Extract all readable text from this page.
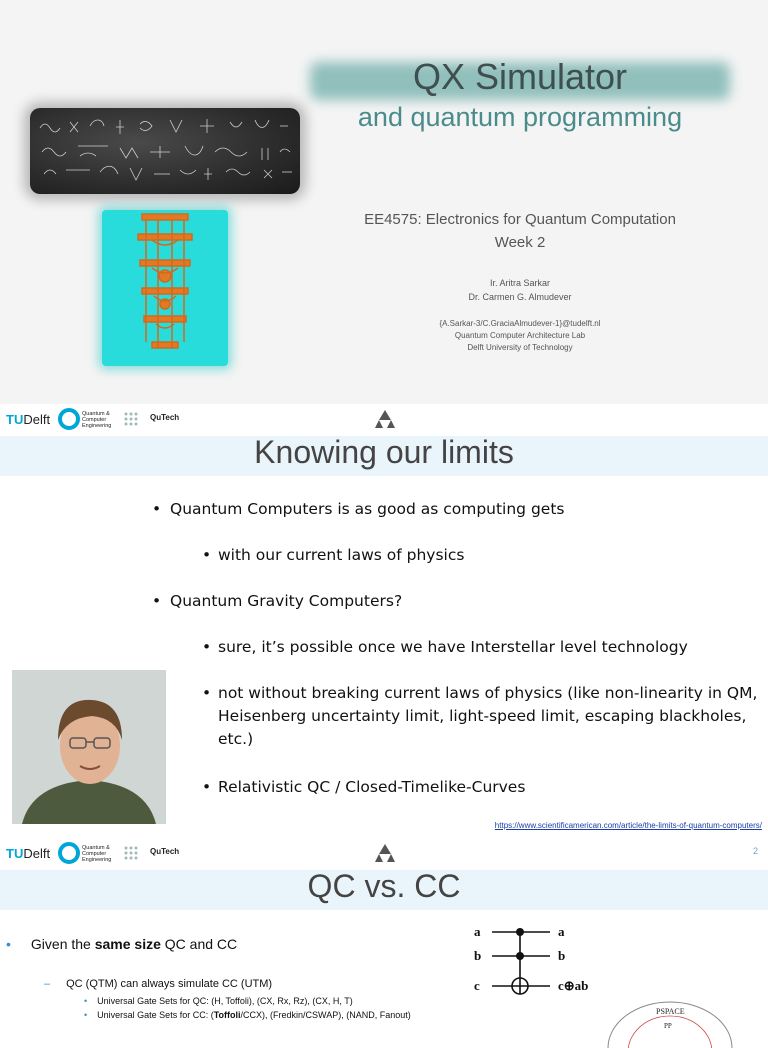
QX Simulator
and quantum programming
EE4575: Electronics for Quantum Computation
Week 2
Ir. Aritra Sarkar
Dr. Carmen G. Almudever
{A.Sarkar-3/C.GraciaAlmudever-1}@tudelft.nl
Quantum Computer Architecture Lab
Delft University of Technology
TUDelft	Quantum &
Computer
Engineering
QuTech
Knowing our limits
• Quantum Computers is as good as computing gets
• with our current laws of physics
• Quantum Gravity Computers?
• sure, it’s possible once we have Interstellar level technology
• not without breaking current laws of physics (like non-linearity in QM, Heisenberg uncertainty limit, light-speed limit, escaping blackholes, etc.)
• Relativistic QC / Closed-Timelike-Curves
https://www.scientificamerican.com/article/the-limits-of-quantum-computers/
TUDelft	Quantum &
Computer
Engineering
QuTech	2
QC vs. CC
• Given the same size QC and CC
– QC (QTM) can always simulate CC (UTM)
• Universal Gate Sets for QC: (H, Toffoli), (CX, Rx, Rz), (CX, H, T)
• Universal Gate Sets for CC: (Toffoli/CCX), (Fredkin/CSWAP), (NAND, Fanout)
a
b
c
a
b
c⊕ab
PSPACE
PP
